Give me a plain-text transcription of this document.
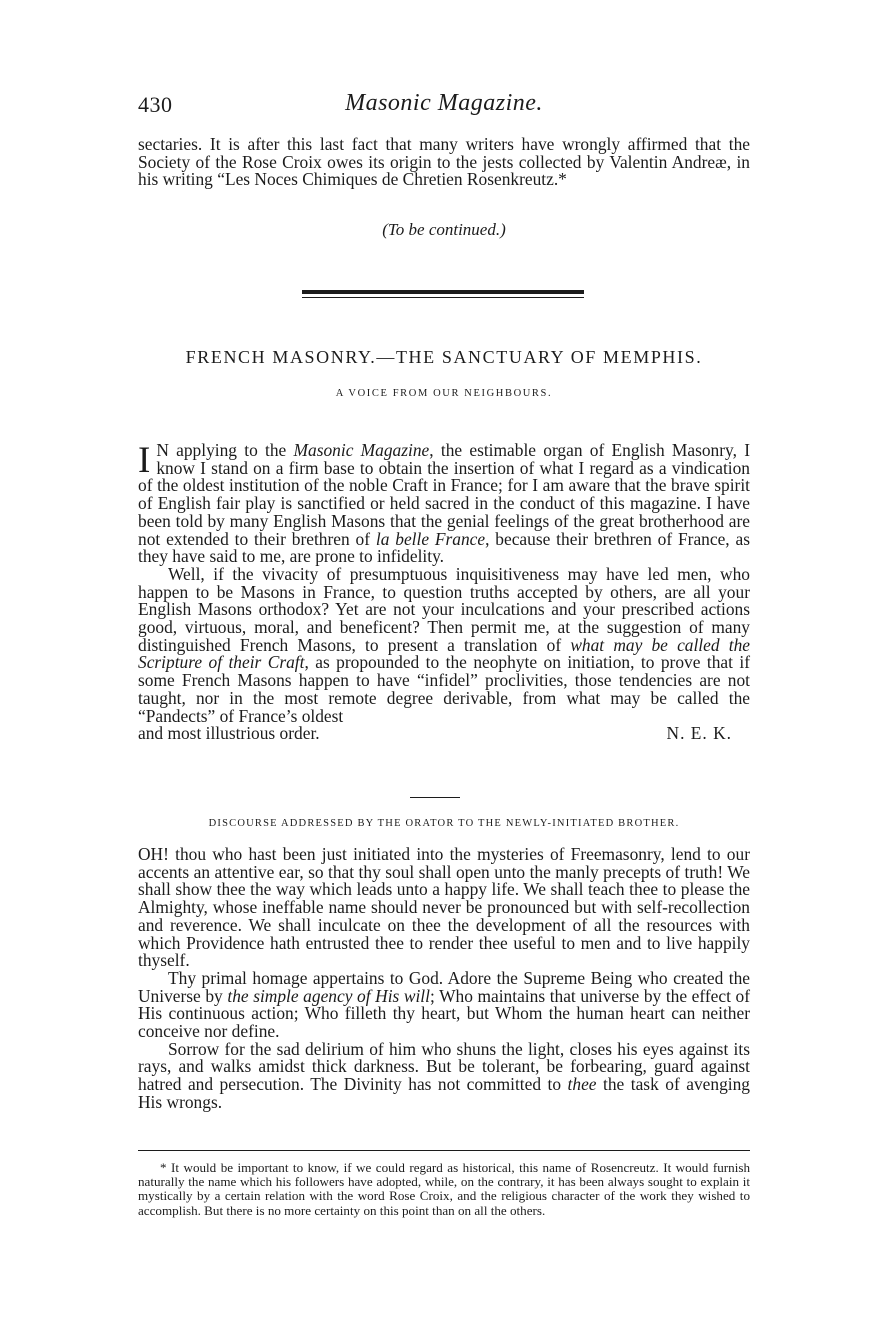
430	Masonic Magazine.

sectaries. It is after this last fact that many writers have wrongly affirmed that the Society of the Rose Croix owes its origin to the jests collected by Valentin Andreæ, in his writing “Les Noces Chimiques de Chretien Rosenkreutz.*

(To be continued.)
FRENCH MASONRY.—THE SANCTUARY OF MEMPHIS.
A VOICE FROM OUR NEIGHBOURS.

I N applying to the Masonic Magazine, the estimable organ of English Masonry, I know I stand on a firm base to obtain the insertion of what I regard as a vindication of the oldest institution of the noble Craft in France; for I am aware that the brave spirit of English fair play is sanctified or held sacred in the conduct of this magazine. I have been told by many English Masons that the genial feelings of the great brotherhood are not extended to their brethren of la belle France, because their brethren of France, as they have said to me, are prone to infidelity.

Well, if the vivacity of presumptuous inquisitiveness may have led men, who happen to be Masons in France, to question truths accepted by others, are all your English Masons orthodox? Yet are not your inculcations and your prescribed actions good, virtuous, moral, and beneficent? Then permit me, at the suggestion of many distinguished French Masons, to present a translation of what may be called the Scripture of their Craft, as propounded to the neophyte on initiation, to prove that if some French Masons happen to have “infidel” proclivities, those tendencies are not taught, nor in the most remote degree derivable, from what may be called the “Pandects” of France’s oldest

and most illustrious order.	N. E. K.
DISCOURSE ADDRESSED BY THE ORATOR TO THE NEWLY-INITIATED BROTHER.

OH! thou who hast been just initiated into the mysteries of Freemasonry, lend to our accents an attentive ear, so that thy soul shall open unto the manly precepts of truth! We shall show thee the way which leads unto a happy life. We shall teach thee to please the Almighty, whose ineffable name should never be pronounced but with self-recollection and reverence. We shall inculcate on thee the development of all the resources with which Providence hath entrusted thee to render thee useful to men and to live happily thyself.

Thy primal homage appertains to God. Adore the Supreme Being who created the Universe by the simple agency of His will; Who maintains that universe by the effect of His continuous action; Who filleth thy heart, but Whom the human heart can neither conceive nor define.

Sorrow for the sad delirium of him who shuns the light, closes his eyes against its rays, and walks amidst thick darkness. But be tolerant, be forbearing, guard against hatred and persecution. The Divinity has not committed to thee the task of avenging His wrongs.

* It would be important to know, if we could regard as historical, this name of Rosencreutz. It would furnish naturally the name which his followers have adopted, while, on the contrary, it has been always sought to explain it mystically by a certain relation with the word Rose Croix, and the religious character of the work they wished to accomplish. But there is no more certainty on this point than on all the others.
